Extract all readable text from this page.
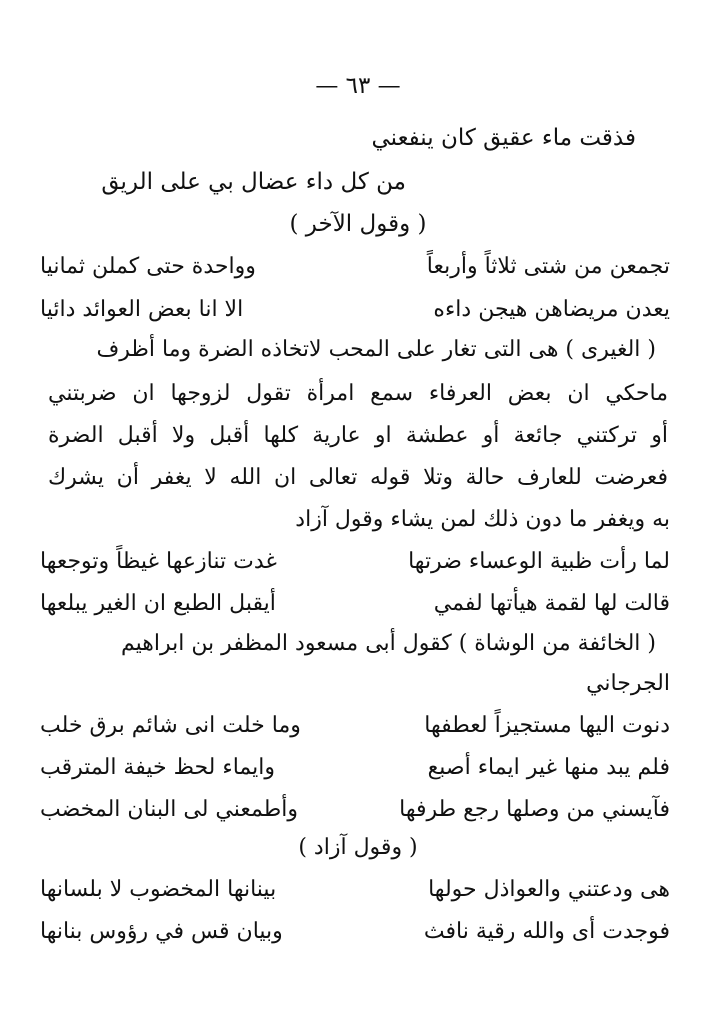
— ٦٣ —
فذقت ماء عقيق كان ينفعني
من كل داء عضال بي على الريق
( وقول الآخر )
تجمعن من شتى ثلاثاً وأربعاً
وواحدة حتى كملن ثمانيا
يعدن مريضاهن هيجن داءه
الا انا بعض العوائد دائيا
( الغيرى ) هى التى تغار على المحب لاتخاذه الضرة وما أظرف
ماحكي ان بعض العرفاء سمع امرأة تقول لزوجها ان ضربتني
أو تركتني جائعة أو عطشة او عارية كلها أقبل ولا أقبل الضرة
فعرضت للعارف حالة وتلا قوله تعالى ان الله لا يغفر أن يشرك
به ويغفر ما دون ذلك لمن يشاء وقول آزاد
لما رأت ظبية الوعساء ضرتها
غدت تنازعها غيظاً وتوجعها
قالت لها لقمة هيأتها لفمي
أيقبل الطبع ان الغير يبلعها
( الخائفة من الوشاة ) كقول أبى مسعود المظفر بن ابراهيم
الجرجاني
دنوت اليها مستجيزاً لعطفها
وما خلت انى شائم برق خلب
فلم يبد منها غير ايماء أصبع
وايماء لحظ خيفة المترقب
فآيسني من وصلها رجع طرفها
وأطمعني لى البنان المخضب
( وقول آزاد )
هى ودعتني والعواذل حولها
بينانها المخضوب لا بلسانها
فوجدت أى والله رقية نافث
وبيان قس في رؤوس بنانها
